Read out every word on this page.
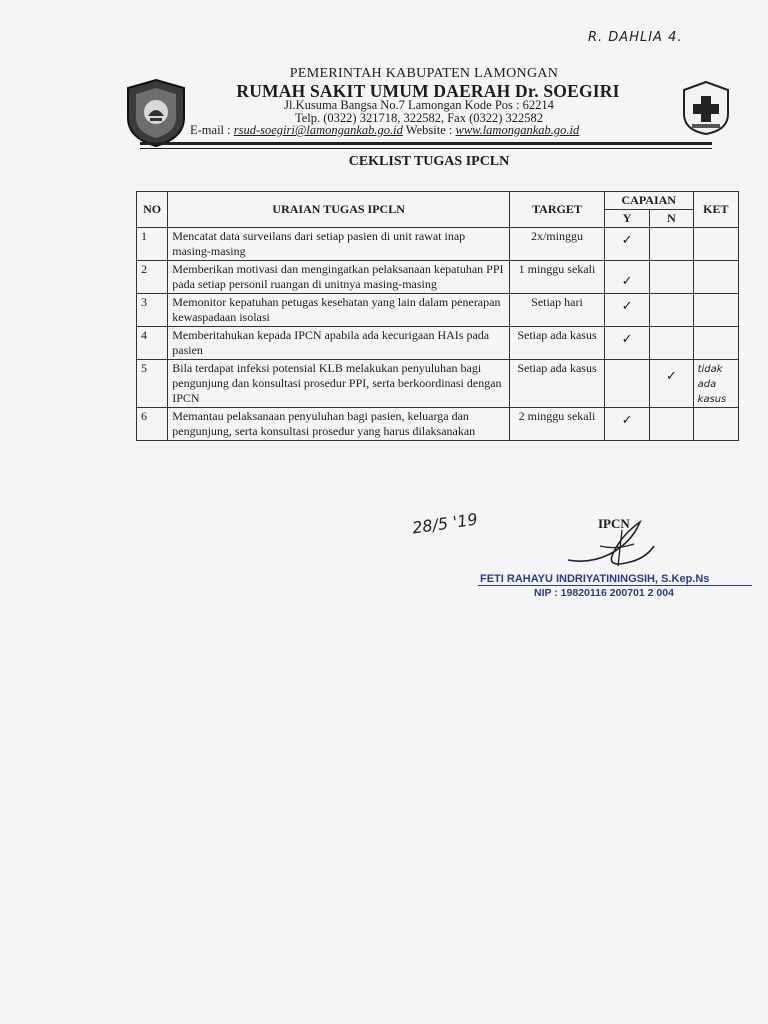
R. DAHLIA 4.
PEMERINTAH KABUPATEN LAMONGAN
RUMAH SAKIT UMUM DAERAH Dr. SOEGIRI
Jl.Kusuma Bangsa No.7 Lamongan Kode Pos : 62214
Telp. (0322) 321718, 322582, Fax (0322) 322582
E-mail : rsud-soegiri@lamongankab.go.id Website : www.lamongankab.go.id
CEKLIST TUGAS IPCLN
NO	URAIAN TUGAS IPCLN	TARGET	CAPAIAN		KET
			Y	N	
1	Mencatat data surveilans dari setiap pasien di unit rawat inap masing-masing	2x/minggu	✓		
2	Memberikan motivasi dan mengingatkan pelaksanaan kepatuhan PPI pada setiap personil ruangan di unitnya masing-masing	1 minggu sekali	✓		
3	Memonitor kepatuhan petugas kesehatan yang lain dalam penerapan kewaspadaan isolasi	Setiap hari	✓		
4	Memberitahukan kepada IPCN apabila ada kecurigaan HAIs pada pasien	Setiap ada kasus	✓		
5	Bila terdapat infeksi potensial KLB melakukan penyuluhan bagi pengunjung dan konsultasi prosedur PPI, serta berkoordinasi dengan IPCN	Setiap ada kasus		✓	tidak ada kasus
6	Memantau pelaksanaan penyuluhan bagi pasien, keluarga dan pengunjung, serta konsultasi prosedur yang harus dilaksanakan	2 minggu sekali	✓		
28/5 '19	IPCN
FETI RAHAYU INDRIYATININGSIH, S.Kep.Ns
NIP : 19820116 200701 2 004
